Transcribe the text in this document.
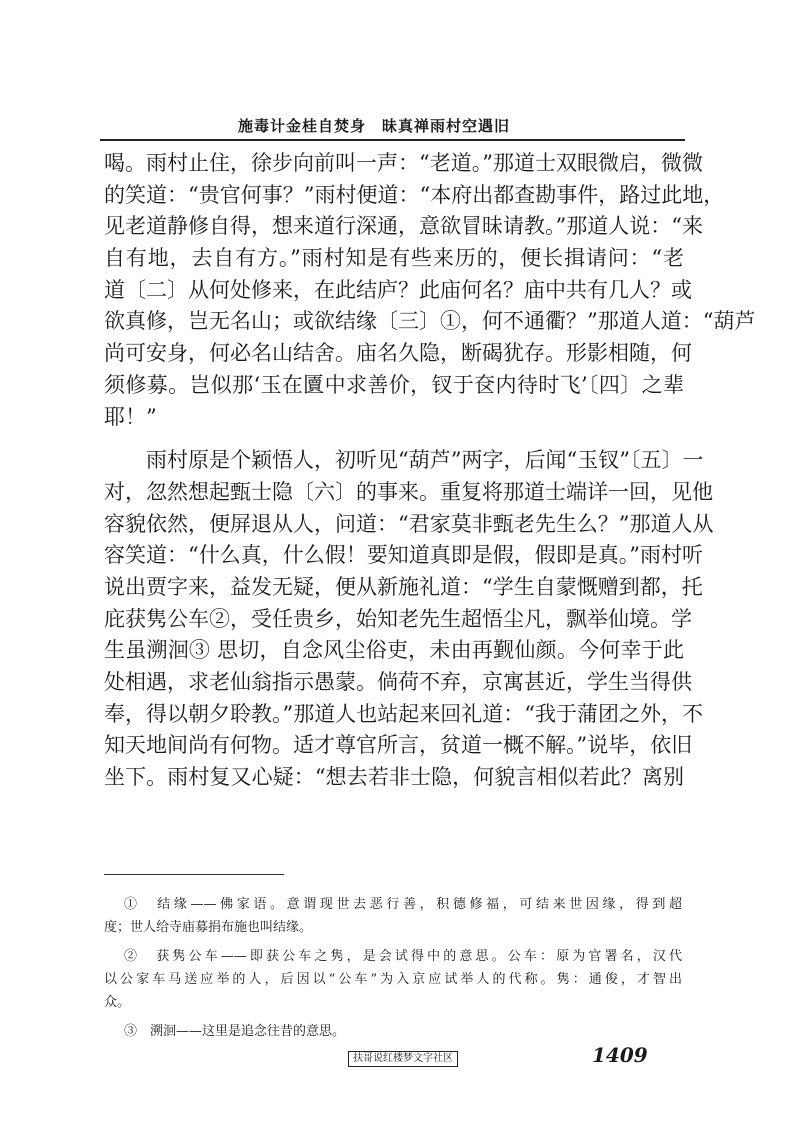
施毒计金桂自焚身　昧真禅雨村空遇旧
喝。雨村止住，徐步向前叫一声：“老道。”那道士双眼微启，微微
的笑道：“贵官何事？”雨村便道：“本府出都查勘事件，路过此地，
见老道静修自得，想来道行深通，意欲冒昧请教。”那道人说：“来
自有地，去自有方。”雨村知是有些来历的，便长揖请问：“老
道〔二〕从何处修来，在此结庐？此庙何名？庙中共有几人？或
欲真修，岂无名山；或欲结缘〔三〕①，何不通衢？”那道人道：“葫芦
尚可安身，何必名山结舍。庙名久隐，断碣犹存。形影相随，何
须修募。岂似那‘玉在匵中求善价，钗于奁内待时飞’〔四〕之辈
耶！”
雨村原是个颖悟人，初听见“葫芦”两字，后闻“玉钗”〔五〕一
对，忽然想起甄士隐〔六〕的事来。重复将那道士端详一回，见他
容貌依然，便屏退从人，问道：“君家莫非甄老先生么？”那道人从
容笑道：“什么真，什么假！要知道真即是假，假即是真。”雨村听
说出贾字来，益发无疑，便从新施礼道：“学生自蒙慨赠到都，托
庇获隽公车②，受任贵乡，始知老先生超悟尘凡，飘举仙境。学
生虽溯洄③ 思切，自念风尘俗吏，未由再觐仙颜。今何幸于此
处相遇，求老仙翁指示愚蒙。倘荷不弃，京寓甚近，学生当得供
奉，得以朝夕聆教。”那道人也站起来回礼道：“我于蒲团之外，不
知天地间尚有何物。适才尊官所言，贫道一概不解。”说毕，依旧
坐下。雨村复又心疑：“想去若非士隐，何貌言相似若此？离别
①　结缘——佛家语。意谓现世去恶行善，积德修福，可结来世因缘，得到超
度；世人给寺庙募捐布施也叫结缘。
②　获隽公车——即获公车之隽，是会试得中的意思。公车：原为官署名，汉代
以公家车马送应举的人，后因以“公车”为入京应试举人的代称。隽：通俊，才智出
众。
③　溯洄——这里是追念往昔的意思。
扶哥说红楼梦文字社区	1409
